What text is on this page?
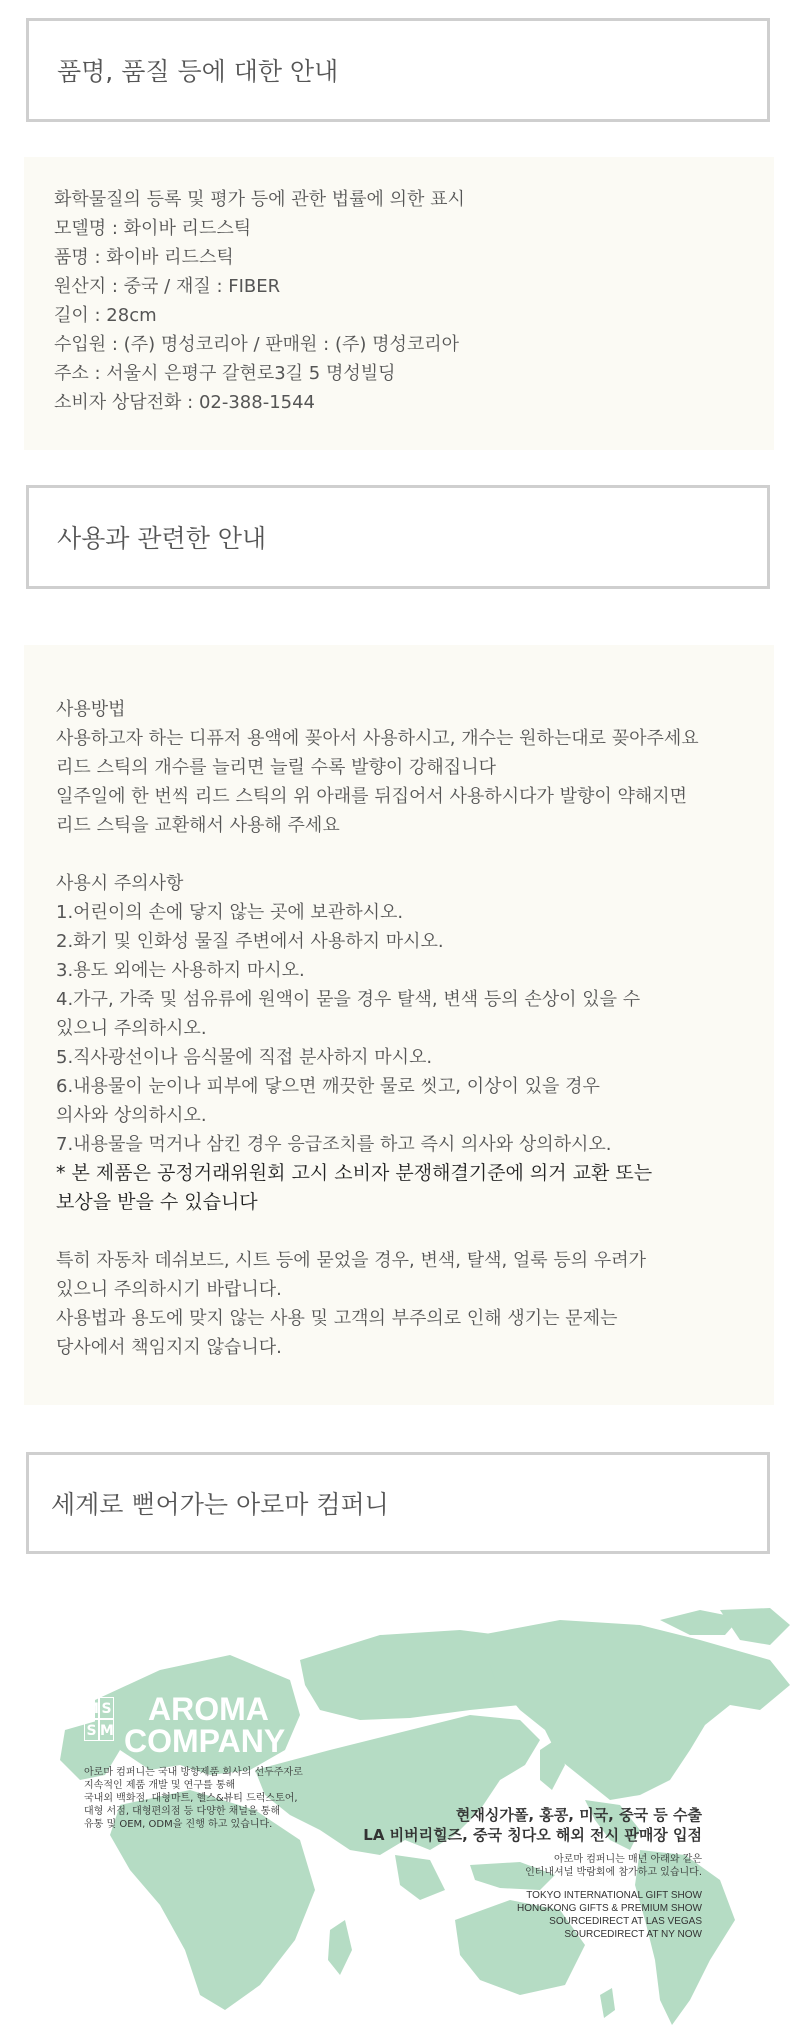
품명, 품질 등에 대한 안내
화학물질의 등록 및 평가 등에 관한 법률에 의한 표시
모델명 : 화이바 리드스틱
품명 : 화이바 리드스틱
원산지 : 중국 / 재질 : FIBER
길이 : 28cm
수입원 : (주) 명성코리아 / 판매원 : (주) 명성코리아
주소 : 서울시 은평구 갈현로3길 5 명성빌딩
소비자 상담전화 : 02-388-1544
사용과 관련한 안내
사용방법
사용하고자 하는 디퓨저 용액에 꽂아서 사용하시고, 개수는 원하는대로 꽂아주세요
리드 스틱의 개수를 늘리면 늘릴 수록 발향이 강해집니다
일주일에 한 번씩 리드 스틱의 위 아래를 뒤집어서 사용하시다가 발향이 약해지면
리드 스틱을 교환해서 사용해 주세요
사용시 주의사항
1.어린이의 손에 닿지 않는 곳에 보관하시오.
2.화기 및 인화성 물질 주변에서 사용하지 마시오.
3.용도 외에는 사용하지 마시오.
4.가구, 가죽 및 섬유류에 원액이 묻을 경우 탈색, 변색 등의 손상이 있을 수
있으니 주의하시오.
5.직사광선이나 음식물에 직접 분사하지 마시오.
6.내용물이 눈이나 피부에 닿으면 깨끗한 물로 씻고, 이상이 있을 경우
의사와 상의하시오.
7.내용물을 먹거나 삼킨 경우 응급조치를 하고 즉시 의사와 상의하시오.
* 본 제품은 공정거래위원회 고시 소비자 분쟁해결기준에 의거 교환 또는
보상을 받을 수 있습니다
특히 자동차 데쉬보드, 시트 등에 묻었을 경우, 변색, 탈색, 얼룩 등의 우려가
있으니 주의하시기 바랍니다.
사용법과 용도에 맞지 않는 사용 및 고객의 부주의로 인해 생기는 문제는
당사에서 책임지지 않습니다.
세계로 뻗어가는 아로마 컴퍼니
M S
S M
AROMA
COMPANY
아로마 컴퍼니는 국내 방향제품 회사의 선두주자로
지속적인 제품 개발 및 연구를 통해
국내외 백화점, 대형마트, 헬스&뷰티 드럭스토어,
대형 서점, 대형편의점 등 다양한 채널을 통해
유통 및 OEM, ODM을 진행 하고 있습니다.
현재싱가폴, 홍콩, 미국, 중국 등 수출
LA 비버리힐즈, 중국 칭다오 해외 전시 판매장 입점
아로마 컴퍼니는 매년 아래와 같은
인터내셔널 박람회에 참가하고 있습니다.
TOKYO INTERNATIONAL GIFT SHOW
HONGKONG GIFTS & PREMIUM SHOW
SOURCEDIRECT AT LAS VEGAS
SOURCEDIRECT AT NY NOW
